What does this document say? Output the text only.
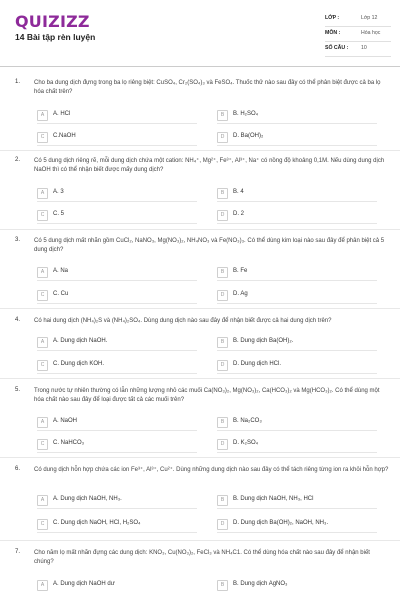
QUIZIZZ
14 Bài tập rèn luyện
LỚP :	Lớp 12
MÔN :	Hóa học
SỐ CÂU : 10
1. Cho ba dung dịch đựng trong ba lọ riêng biệt: CuSO₄, Cr₂(SO₄)₃ và FeSO₄. Thuốc thử nào sau đây có thể phân biệt được cả ba lọ hóa chất trên?
A	A. HCl	B	B. H₂SO₄
C	C.NaOH	D	D. Ba(OH)₂
2. Có 5 dung dịch riêng rẽ, mỗi dung dịch chứa một cation: NH₄⁺, Mg²⁺, Fe³⁺, Al³⁺, Na⁺ có nồng độ khoảng 0,1M. Nếu dùng dung dịch NaOH thì có thể nhận biết được mấy dung dịch?
A	A. 3	B	B. 4
C	C. 5	D	D. 2
3. Có 5 dung dịch mất nhãn gồm CuCl₂, NaNO₃, Mg(NO₃)₂, NH₄NO₃ và Fe(NO₃)₃. Có thể dùng kim loại nào sau đây để phân biệt cả 5 dung dịch?
A	A. Na	B	B. Fe
C	C. Cu	D	D. Ag
4. Có hai dung dịch (NH₄)₂S và (NH₄)₂SO₄. Dùng dung dịch nào sau đây để nhận biết được cả hai dung dịch trên?
A	A. Dung dịch NaOH.	B	B. Dung dịch Ba(OH)₂.
C	C. Dung dịch KOH.	D	D. Dung dịch HCl.
5. Trong nước tự nhiên thường có lẫn những lượng nhỏ các muối Ca(NO₃)₂, Mg(NO₃)₂, Ca(HCO₃)₂ và Mg(HCO₃)₂. Có thể dùng một hóa chất nào sau đây để loại được tất cả các muối trên?
A	A. NaOH	B	B. Na₂CO₃
C	C. NaHCO₃	D	D. K₂SO₄
6. Có dung dịch hỗn hợp chứa các ion Fe³⁺, Al³⁺, Cu²⁺. Dùng những dung dịch nào sau đây có thể tách riêng từng ion ra khỏi hỗn hợp?
A	A. Dung dịch NaOH, NH₃.	B	B. Dung dịch NaOH, NH₃, HCl
C	C. Dung dịch NaOH, HCl, H₂SO₄	D	D. Dung dịch Ba(OH)₂, NaOH, NH₃.
7. Cho năm lọ mất nhãn đựng các dung dịch: KNO₃, Cu(NO₃)₂, FeCl₃ và NH₄C1. Có thể dùng hóa chất nào sau đây để nhận biết chúng?
A	A. Dung dịch NaOH dư	B	B. Dung dịch AgNO₃
